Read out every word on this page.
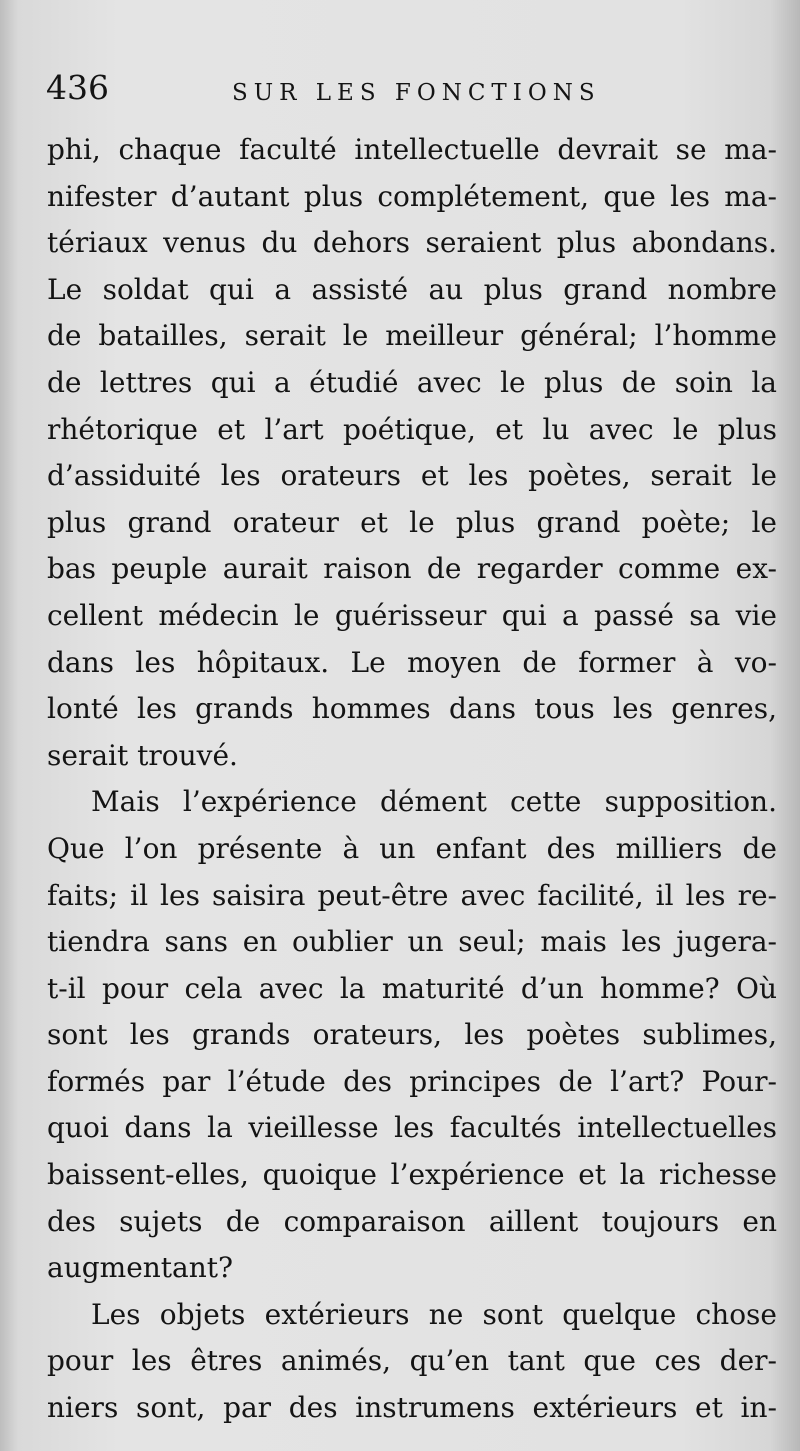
436	SUR LES FONCTIONS
phi, chaque faculté intellectuelle devrait se ma-
nifester d’autant plus complétement, que les ma-
tériaux venus du dehors seraient plus abondans.
Le soldat qui a assisté au plus grand nombre
de batailles, serait le meilleur général; l’homme
de lettres qui a étudié avec le plus de soin la
rhétorique et l’art poétique, et lu avec le plus
d’assiduité les orateurs et les poètes, serait le
plus grand orateur et le plus grand poète; le
bas peuple aurait raison de regarder comme ex-
cellent médecin le guérisseur qui a passé sa vie
dans les hôpitaux. Le moyen de former à vo-
lonté les grands hommes dans tous les genres,
serait trouvé.
Mais l’expérience dément cette supposition.
Que l’on présente à un enfant des milliers de
faits; il les saisira peut-être avec facilité, il les re-
tiendra sans en oublier un seul; mais les jugera-
t-il pour cela avec la maturité d’un homme? Où
sont les grands orateurs, les poètes sublimes,
formés par l’étude des principes de l’art? Pour-
quoi dans la vieillesse les facultés intellectuelles
baissent-elles, quoique l’expérience et la richesse
des sujets de comparaison aillent toujours en
augmentant?
Les objets extérieurs ne sont quelque chose
pour les êtres animés, qu’en tant que ces der-
niers sont, par des instrumens extérieurs et in-
